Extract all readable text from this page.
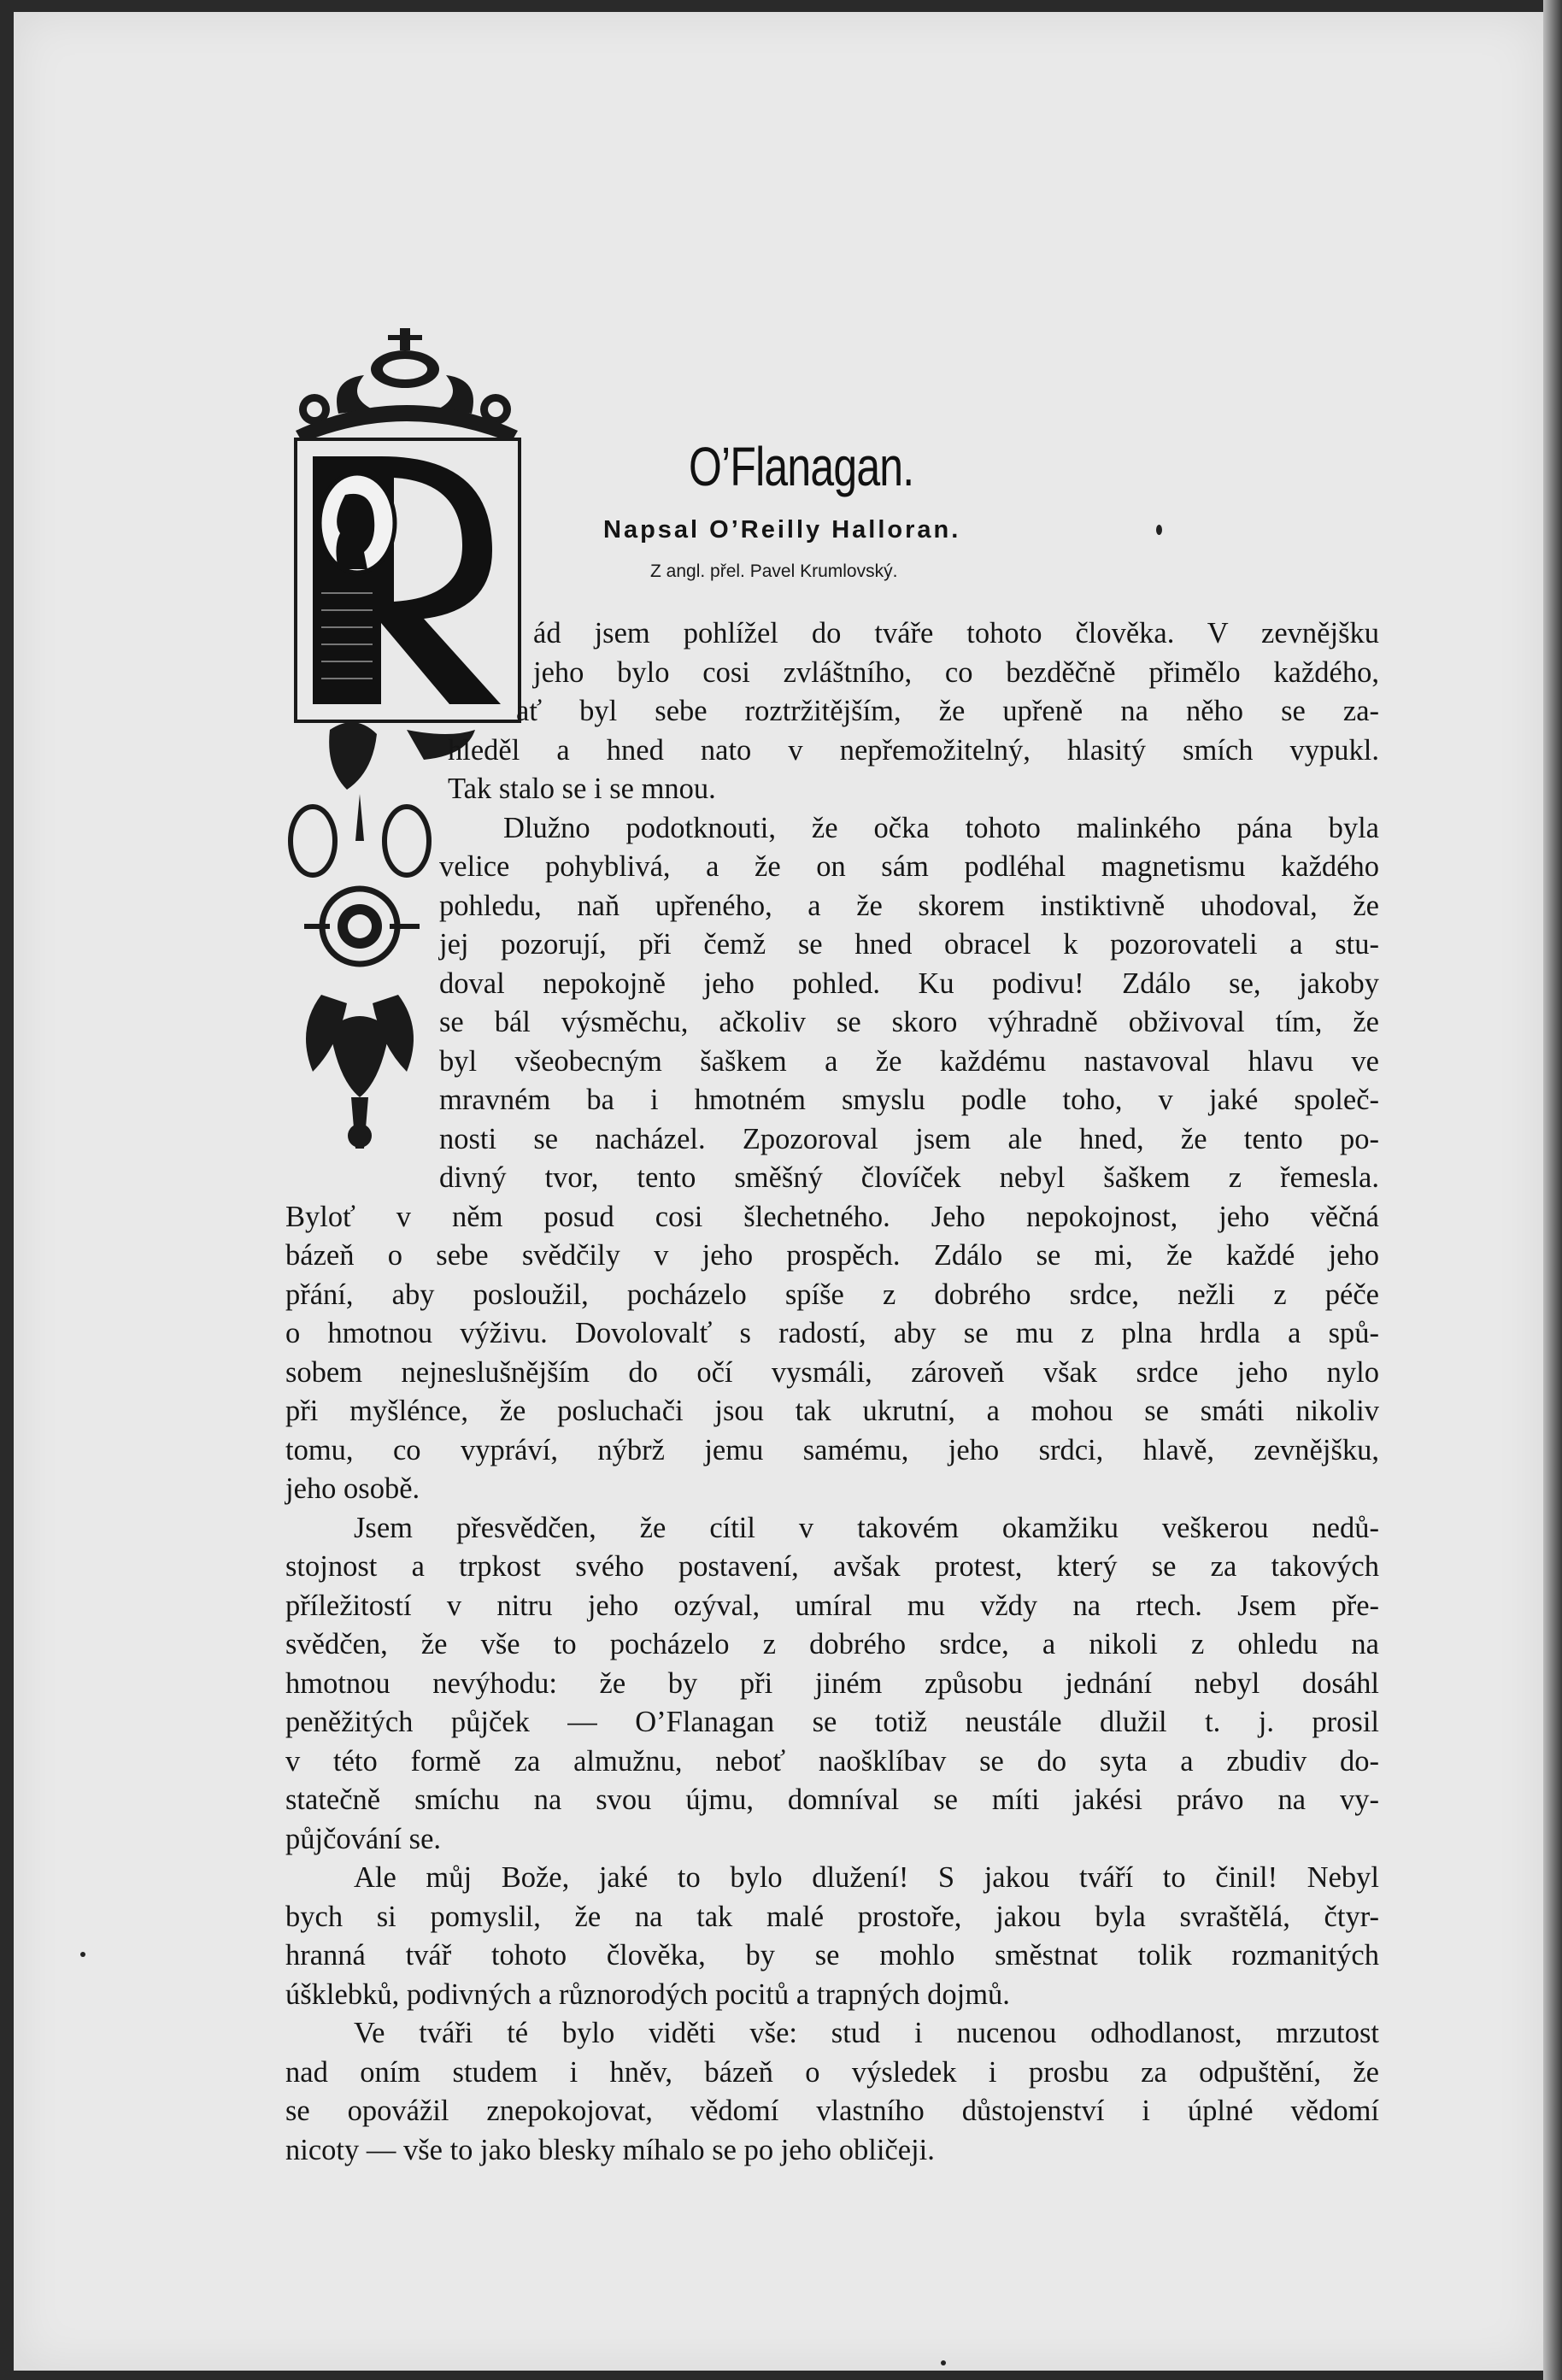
O’Flanagan.
Napsal O’Reilly Halloran.
Z angl. přel. Pavel Krumlovský.
ád jsem pohlížel do tváře tohoto člověka. V zevnějšku
jeho bylo cosi zvláštního, co bezděčně přimělo každého,
ať byl sebe roztržitějším, že upřeně na něho se za-
hleděl a hned nato v nepřemožitelný, hlasitý smích vypukl.
Tak stalo se i se mnou.
Dlužno podotknouti, že očka tohoto malinkého pána byla
velice pohyblivá, a že on sám podléhal magnetismu každého
pohledu, naň upřeného, a že skorem instiktivně uhodoval, že
jej pozorují, při čemž se hned obracel k pozorovateli a stu-
doval nepokojně jeho pohled. Ku podivu! Zdálo se, jakoby
se bál výsměchu, ačkoliv se skoro výhradně obživoval tím, že
byl všeobecným šaškem a že každému nastavoval hlavu ve
mravném ba i hmotném smyslu podle toho, v jaké společ-
nosti se nacházel. Zpozoroval jsem ale hned, že tento po-
divný tvor, tento směšný človíček nebyl šaškem z řemesla.
Byloť v něm posud cosi šlechetného. Jeho nepokojnost, jeho věčná
bázeň o sebe svědčily v jeho prospěch. Zdálo se mi, že každé jeho
přání, aby posloužil, pocházelo spíše z dobrého srdce, nežli z péče
o hmotnou výživu. Dovolovalť s radostí, aby se mu z plna hrdla a spů-
sobem nejneslušnějším do očí vysmáli, zároveň však srdce jeho nylo
při myšlénce, že posluchači jsou tak ukrutní, a mohou se smáti nikoliv
tomu, co vypráví, nýbrž jemu samému, jeho srdci, hlavě, zevnějšku,
jeho osobě.
Jsem přesvědčen, že cítil v takovém okamžiku veškerou nedů-
stojnost a trpkost svého postavení, avšak protest, který se za takových
příležitostí v nitru jeho ozýval, umíral mu vždy na rtech. Jsem pře-
svědčen, že vše to pocházelo z dobrého srdce, a nikoli z ohledu na
hmotnou nevýhodu: že by při jiném způsobu jednání nebyl dosáhl
peněžitých půjček — O’Flanagan se totiž neustále dlužil t. j. prosil
v této formě za almužnu, neboť naošklíbav se do syta a zbudiv do-
statečně smíchu na svou újmu, domníval se míti jakési právo na vy-
půjčování se.
Ale můj Bože, jaké to bylo dlužení! S jakou tváří to činil! Nebyl
bych si pomyslil, že na tak malé prostoře, jakou byla svraštělá, čtyr-
hranná tvář tohoto člověka, by se mohlo směstnat tolik rozmanitých
úšklebků, podivných a různorodých pocitů a trapných dojmů.
Ve tváři té bylo viděti vše: stud i nucenou odhodlanost, mrzutost
nad oním studem i hněv, bázeň o výsledek i prosbu za odpuštění, že
se opovážil znepokojovat, vědomí vlastního důstojenství i úplné vědomí
nicoty — vše to jako blesky míhalo se po jeho obličeji.
